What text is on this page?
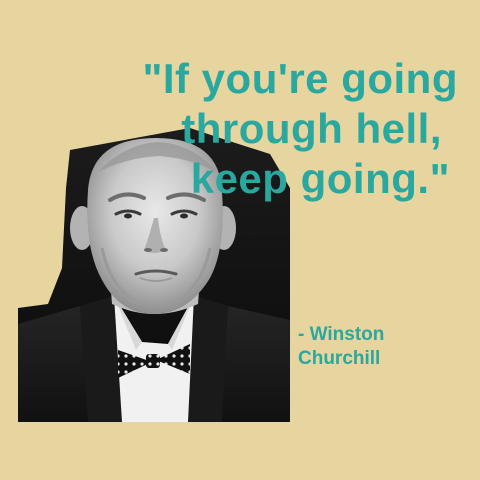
"If you're going
through hell,
keep going."
- Winston
Churchill
